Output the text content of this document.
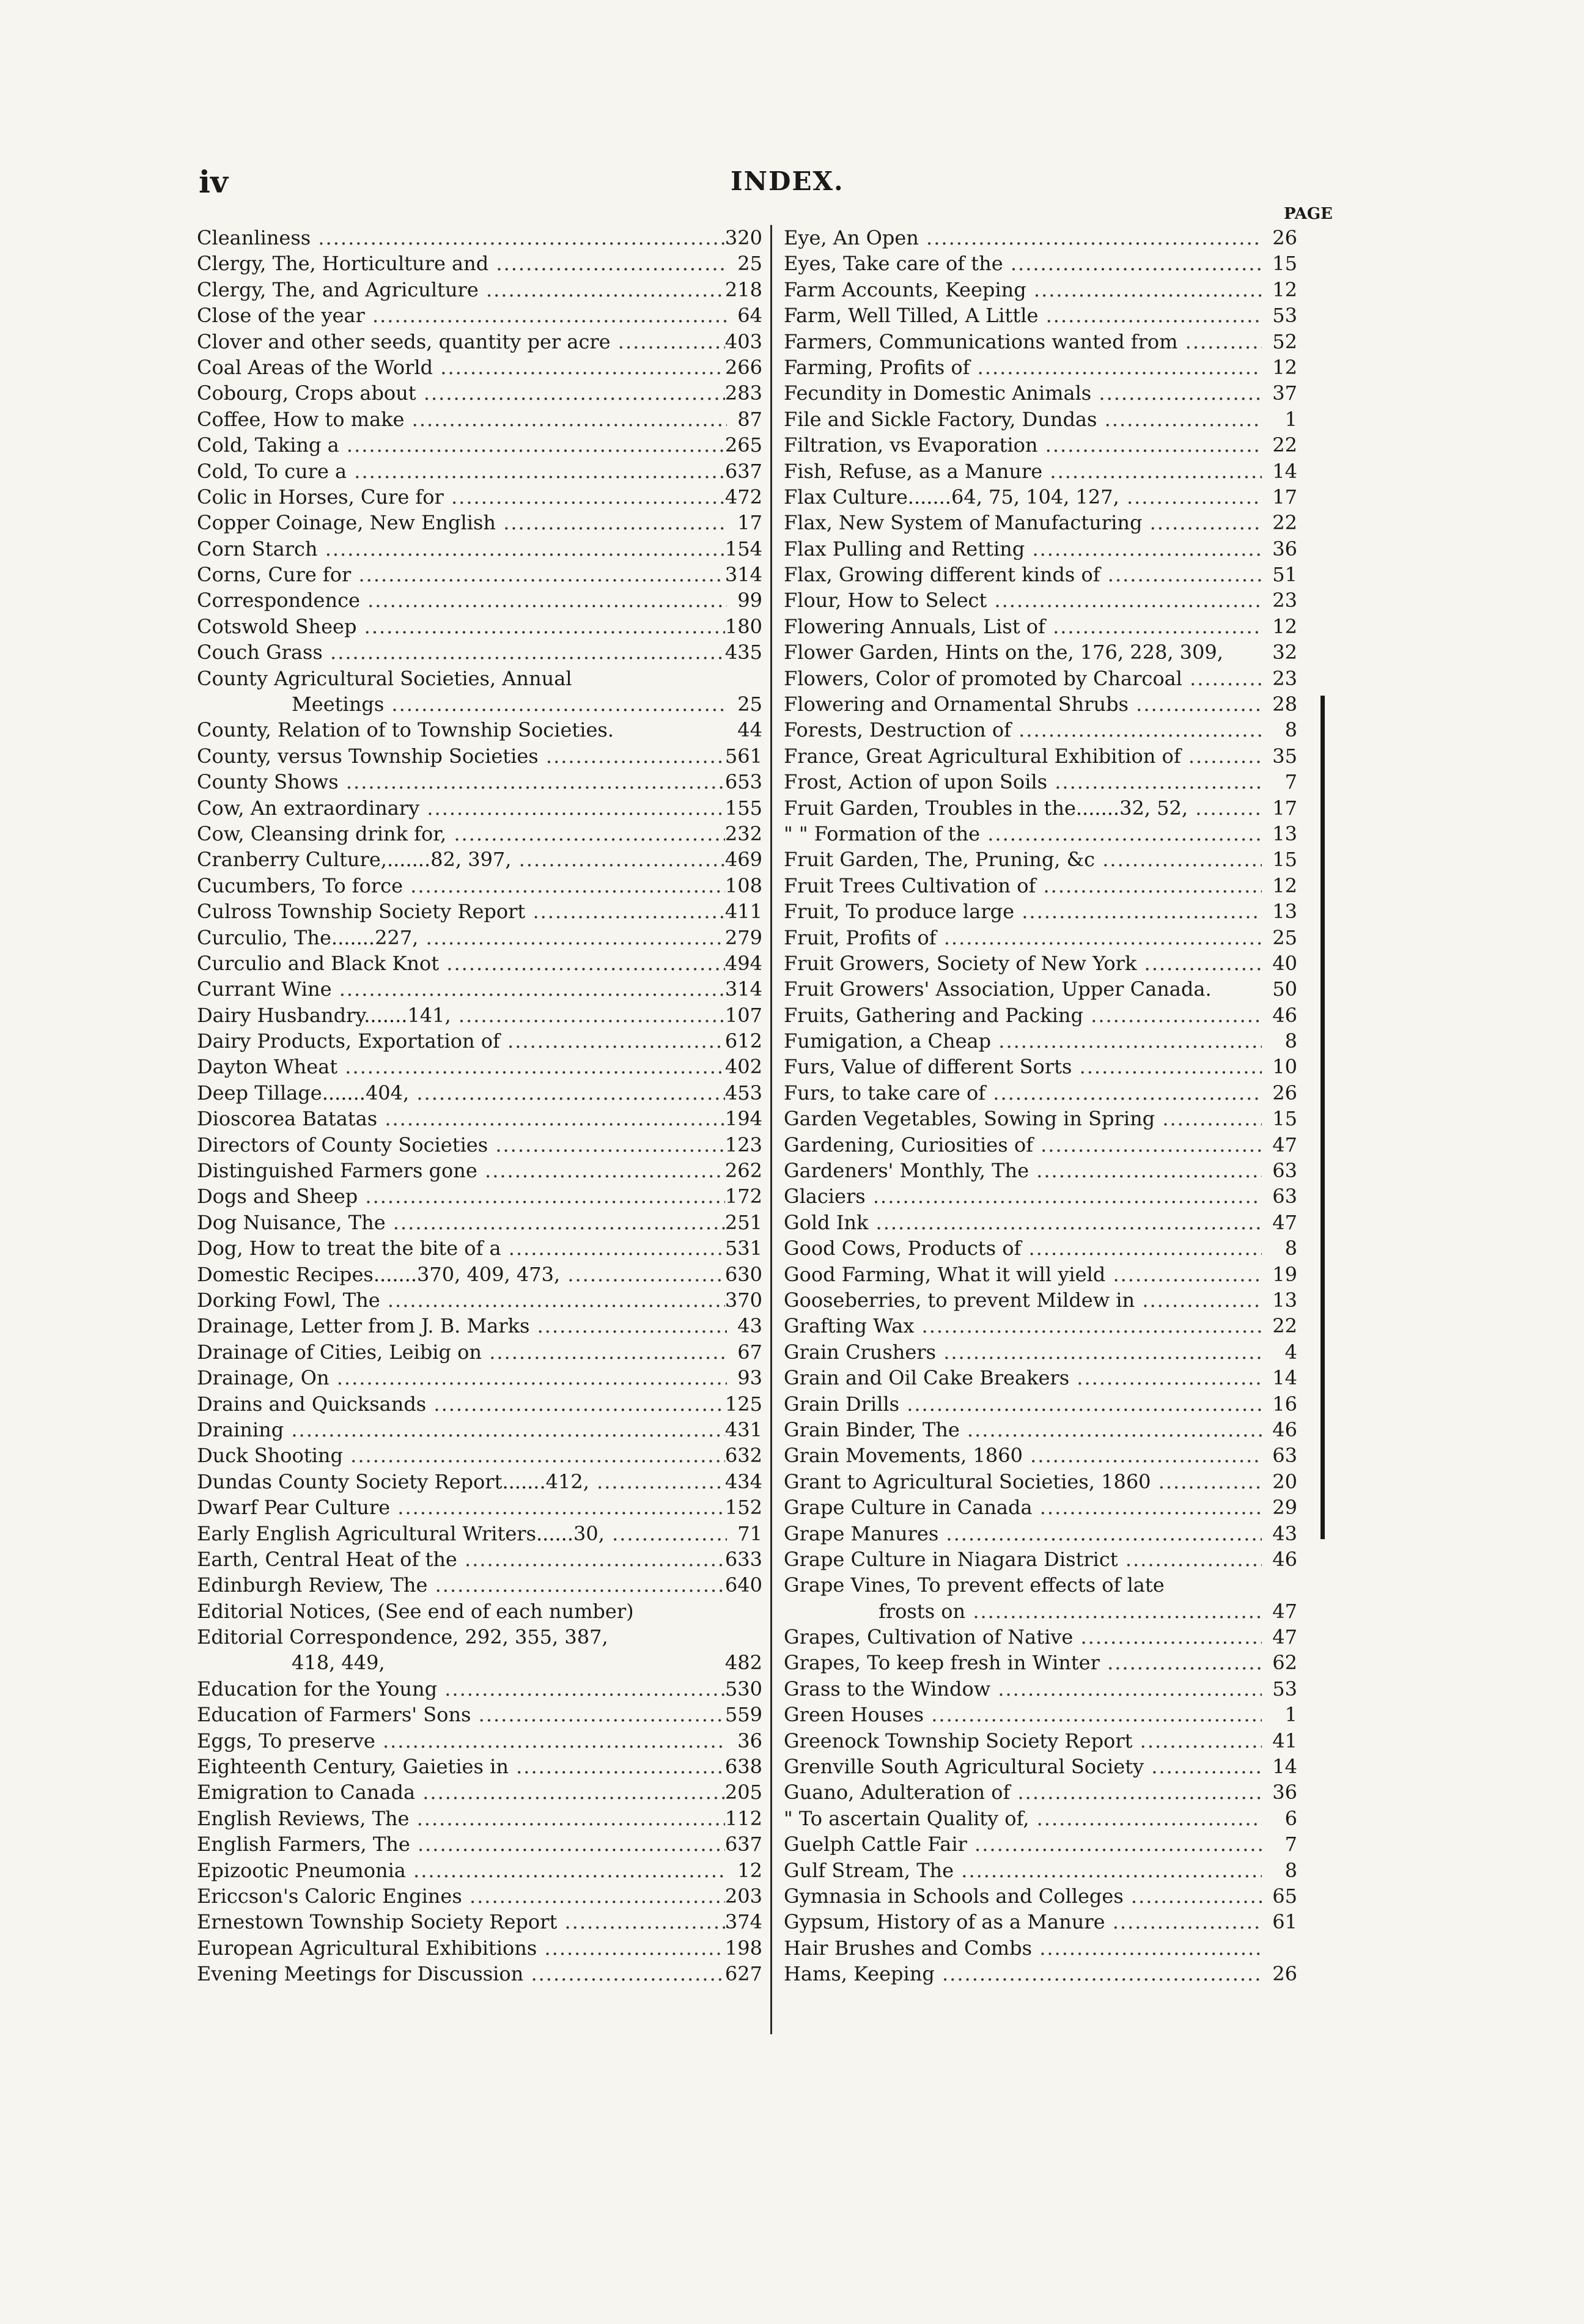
iv	INDEX.
PAGE
Cleanliness .....	320
Clergy, The, Horticulture and .....	25
Clergy, The, and Agriculture .....	218
Close of the year .....	64
Clover and other seeds, quantity per acre .....	403
Coal Areas of the World .....	266
Cobourg, Crops about .....	283
Coffee, How to make .....	87
Cold, Taking a .....	265
Cold, To cure a .....	637
Colic in Horses, Cure for .....	472
Copper Coinage, New English .....	17
Corn Starch .....	154
Corns, Cure for .....	314
Correspondence .....	99
Cotswold Sheep .....	180
Couch Grass .....	435
County Agricultural Societies, Annual
Meetings .....	25
County, Relation of to Township Societies.	44
County, versus Township Societies .....	561
County Shows .....	653
Cow, An extraordinary .....	155
Cow, Cleansing drink for, .....	232
Cranberry Culture,.......82, 397, .....	469
Cucumbers, To force .....	108
Culross Township Society Report .....	411
Curculio, The.......227, .....	279
Curculio and Black Knot .....	494
Currant Wine .....	314
Dairy Husbandry.......141, .....	107
Dairy Products, Exportation of .....	612
Dayton Wheat .....	402
Deep Tillage.......404, .....	453
Dioscorea Batatas .....	194
Directors of County Societies .....	123
Distinguished Farmers gone .....	262
Dogs and Sheep .....	172
Dog Nuisance, The .....	251
Dog, How to treat the bite of a .....	531
Domestic Recipes.......370, 409, 473, .....	630
Dorking Fowl, The .....	370
Drainage, Letter from J. B. Marks .....	43
Drainage of Cities, Leibig on .....	67
Drainage, On .....	93
Drains and Quicksands .....	125
Draining .....	431
Duck Shooting .....	632
Dundas County Society Report.......412, .....	434
Dwarf Pear Culture .....	152
Early English Agricultural Writers......30, .....	71
Earth, Central Heat of the .....	633
Edinburgh Review, The .....	640
Editorial Notices, (See end of each number)
Editorial Correspondence, 292, 355, 387,
418, 449,	482
Education for the Young .....	530
Education of Farmers' Sons .....	559
Eggs, To preserve .....	36
Eighteenth Century, Gaieties in .....	638
Emigration to Canada .....	205
English Reviews, The .....	112
English Farmers, The .....	637
Epizootic Pneumonia .....	12
Ericcson's Caloric Engines .....	203
Ernestown Township Society Report .....	374
European Agricultural Exhibitions .....	198
Evening Meetings for Discussion .....	627
Eye, An Open .....	26
Eyes, Take care of the .....	15
Farm Accounts, Keeping .....	12
Farm, Well Tilled, A Little .....	53
Farmers, Communications wanted from .....	52
Farming, Profits of .....	12
Fecundity in Domestic Animals .....	37
File and Sickle Factory, Dundas .....	1
Filtration, vs Evaporation .....	22
Fish, Refuse, as a Manure .....	14
Flax Culture.......64, 75, 104, 127, .....	17
Flax, New System of Manufacturing .....	22
Flax Pulling and Retting .....	36
Flax, Growing different kinds of .....	51
Flour, How to Select .....	23
Flowering Annuals, List of .....	12
Flower Garden, Hints on the, 176, 228, 309,	32
Flowers, Color of promoted by Charcoal .....	23
Flowering and Ornamental Shrubs .....	28
Forests, Destruction of .....	8
France, Great Agricultural Exhibition of .....	35
Frost, Action of upon Soils .....	7
Fruit Garden, Troubles in the.......32, 52, .....	17
" " Formation of the .....	13
Fruit Garden, The, Pruning, &c .....	15
Fruit Trees Cultivation of .....	12
Fruit, To produce large .....	13
Fruit, Profits of .....	25
Fruit Growers, Society of New York .....	40
Fruit Growers' Association, Upper Canada.	50
Fruits, Gathering and Packing .....	46
Fumigation, a Cheap .....	8
Furs, Value of different Sorts .....	10
Furs, to take care of .....	26
Garden Vegetables, Sowing in Spring .....	15
Gardening, Curiosities of .....	47
Gardeners' Monthly, The .....	63
Glaciers .....	63
Gold Ink .....	47
Good Cows, Products of .....	8
Good Farming, What it will yield .....	19
Gooseberries, to prevent Mildew in .....	13
Grafting Wax .....	22
Grain Crushers .....	4
Grain and Oil Cake Breakers .....	14
Grain Drills .....	16
Grain Binder, The .....	46
Grain Movements, 1860 .....	63
Grant to Agricultural Societies, 1860 .....	20
Grape Culture in Canada .....	29
Grape Manures .....	43
Grape Culture in Niagara District .....	46
Grape Vines, To prevent effects of late
frosts on .....	47
Grapes, Cultivation of Native .....	47
Grapes, To keep fresh in Winter .....	62
Grass to the Window .....	53
Green Houses .....	1
Greenock Township Society Report .....	41
Grenville South Agricultural Society .....	14
Guano, Adulteration of .....	36
" To ascertain Quality of, .....	6
Guelph Cattle Fair .....	7
Gulf Stream, The .....	8
Gymnasia in Schools and Colleges .....	65
Gypsum, History of as a Manure .....	61
Hair Brushes and Combs .....
Hams, Keeping .....	26
